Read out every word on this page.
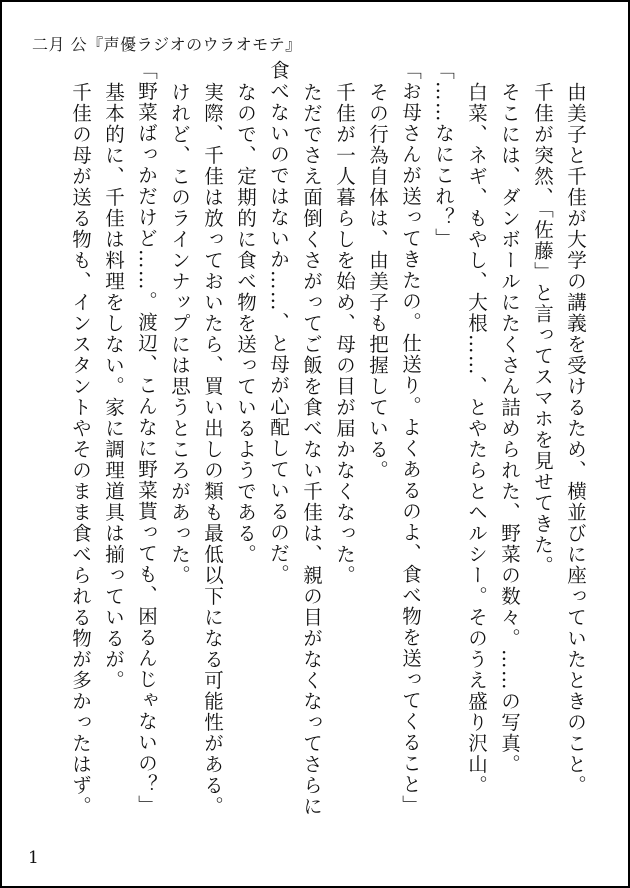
二月 公『声優ラジオのウラオモテ』
由美子と千佳が大学の講義を受けるため、横並びに座っていたときのこと。
千佳が突然、「佐藤」と言ってスマホを見せてきた。
そこには、ダンボールにたくさん詰められた、野菜の数々。……の写真。
白菜、ネギ、もやし、大根……、とやたらとヘルシー。そのうえ盛り沢山。
「……なにこれ？」
「お母さんが送ってきたの。仕送り。よくあるのよ、食べ物を送ってくること」
その行為自体は、由美子も把握している。
千佳が一人暮らしを始め、母の目が届かなくなった。
ただでさえ面倒くさがってご飯を食べない千佳は、親の目がなくなってさらに
食べないのではないか……、と母が心配しているのだ。
なので、定期的に食べ物を送っているようである。
実際、千佳は放っておいたら、買い出しの類も最低以下になる可能性がある。
けれど、このラインナップには思うところがあった。
「野菜ばっかだけど……。渡辺、こんなに野菜貰っても、困るんじゃないの？」
基本的に、千佳は料理をしない。家に調理道具は揃っているが。
千佳の母が送る物も、インスタントやそのまま食べられる物が多かったはず。
1
